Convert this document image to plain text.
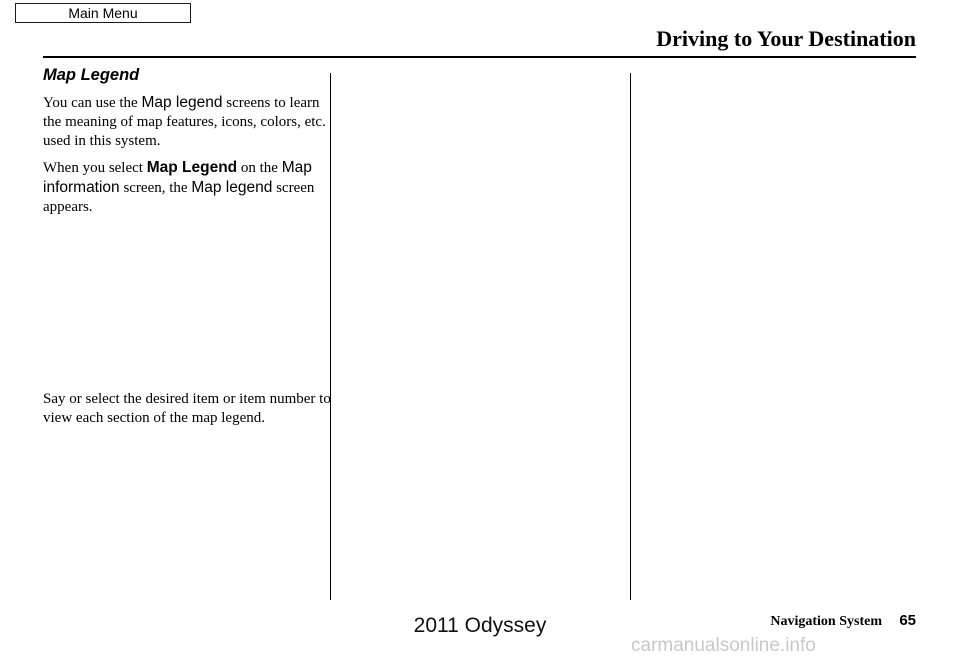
Main Menu
Driving to Your Destination
Map Legend

You can use the Map legend screens to learn the meaning of map features, icons, colors, etc. used in this system.

When you select Map Legend on the Map information screen, the Map legend screen appears.

Say or select the desired item or item number to view each section of the map legend.

Navigation System 65
2011 Odyssey
carmanualsonline.info
